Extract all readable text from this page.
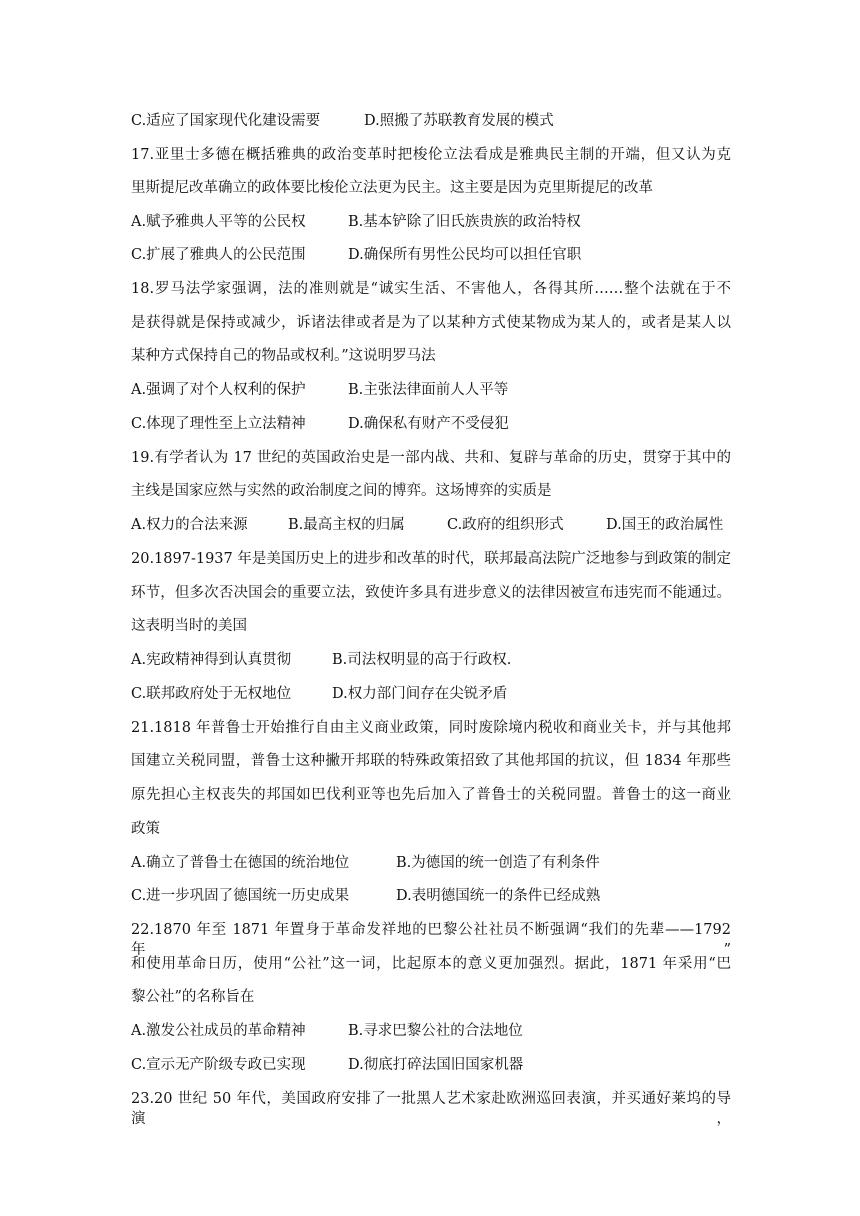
C.适应了国家现代化建设需要	D.照搬了苏联教育发展的模式
17.亚里士多德在概括雅典的政治变革时把梭伦立法看成是雅典民主制的开端，但又认为克
里斯提尼改革确立的政体要比梭伦立法更为民主。这主要是因为克里斯提尼的改革
A.赋予雅典人平等的公民权	B.基本铲除了旧氏族贵族的政治特权
C.扩展了雅典人的公民范围	D.确保所有男性公民均可以担任官职
18.罗马法学家强调，法的准则就是“诚实生活、不害他人，各得其所……整个法就在于不
是获得就是保持或减少，诉诸法律或者是为了以某种方式使某物成为某人的，或者是某人以
某种方式保持自己的物品或权利。”这说明罗马法
A.强调了对个人权利的保护	B.主张法律面前人人平等
C.体现了理性至上立法精神	D.确保私有财产不受侵犯
19.有学者认为 17 世纪的英国政治史是一部内战、共和、复辟与革命的历史，贯穿于其中的
主线是国家应然与实然的政治制度之间的博弈。这场博弈的实质是
A.权力的合法来源	B.最高主权的归属	C.政府的组织形式	D.国王的政治属性
20.1897-1937 年是美国历史上的进步和改革的时代，联邦最高法院广泛地参与到政策的制定
环节，但多次否决国会的重要立法，致使许多具有进步意义的法律因被宣布违宪而不能通过。
这表明当时的美国
A.宪政精神得到认真贯彻	B.司法权明显的高于行政权.
C.联邦政府处于无权地位	D.权力部门间存在尖锐矛盾
21.1818 年普鲁士开始推行自由主义商业政策，同时废除境内税收和商业关卡，并与其他邦
国建立关税同盟，普鲁士这种撇开邦联的特殊政策招致了其他邦国的抗议，但 1834 年那些
原先担心主权丧失的邦国如巴伐利亚等也先后加入了普鲁士的关税同盟。普鲁士的这一商业
政策
A.确立了普鲁士在德国的统治地位	B.为德国的统一创造了有利条件
C.进一步巩固了德国统一历史成果	D.表明德国统一的条件已经成熟
22.1870 年至 1871 年置身于革命发祥地的巴黎公社社员不断强调“我们的先辈——1792 年”
和使用革命日历，使用“公社”这一词，比起原本的意义更加强烈。据此，1871 年采用“巴
黎公社”的名称旨在
A.激发公社成员的革命精神	B.寻求巴黎公社的合法地位
C.宣示无产阶级专政已实现	D.彻底打碎法国旧国家机器
23.20 世纪 50 年代，美国政府安排了一批黑人艺术家赴欧洲巡回表演，并买通好莱坞的导演，
